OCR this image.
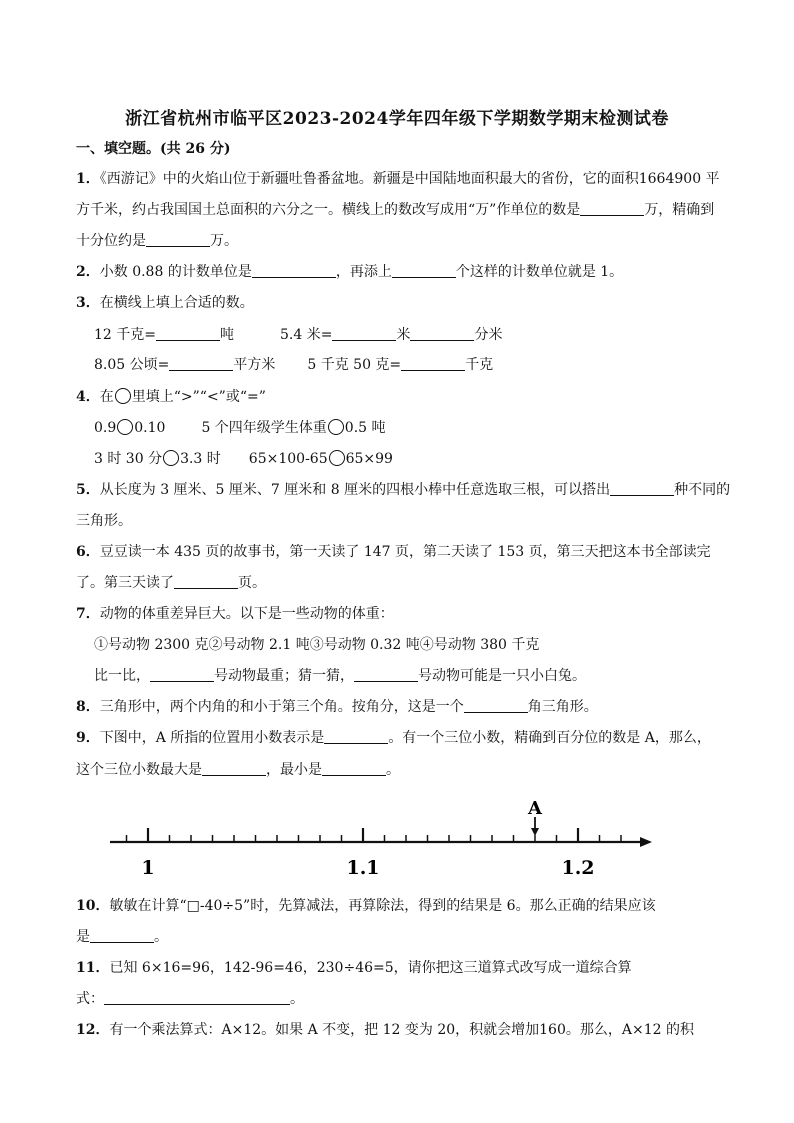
浙江省杭州市临平区2023-2024学年四年级下学期数学期末检测试卷
一、填空题。(共 26 分)
1．《西游记》中的火焰山位于新疆吐鲁番盆地。新疆是中国陆地面积最大的省份，它的面积1664900 平
方千米，约占我国国土总面积的六分之一。横线上的数改写成用“万”作单位的数是	万，精确到
十分位约是	万。
2．小数 0.88 的计数单位是	，再添上	个这样的计数单位就是 1。
3．在横线上填上合适的数。
12 千克=	吨	5.4 米=	米	分米
8.05 公顷=	平方米 5 千克 50 克=	千克
4．在 里填上“>”“<”或“=”
0.9 0.10	5 个四年级学生体重 0.5 吨
3 时 30 分 3.3 时 65×100-65 65×99
5．从长度为 3 厘米、5 厘米、7 厘米和 8 厘米的四根小棒中任意选取三根，可以搭出	种不同的
三角形。
6．豆豆读一本 435 页的故事书，第一天读了 147 页，第二天读了 153 页，第三天把这本书全部读完
了。第三天读了	页。
7．动物的体重差异巨大。以下是一些动物的体重：
①号动物 2300 克②号动物 2.1 吨③号动物 0.32 吨④号动物 380 千克
比一比，	号动物最重；猜一猜，	号动物可能是一只小白兔。
8．三角形中，两个内角的和小于第三个角。按角分，这是一个	角三角形。
9．下图中，A 所指的位置用小数表示是	。有一个三位小数，精确到百分位的数是 A，那么，
这个三位小数最大是	，最小是	。
1	1.1	1.2
A
10．敏敏在计算“□-40÷5”时，先算减法，再算除法，得到的结果是 6。那么正确的结果应该
是	。
11．已知 6×16=96，142-96=46，230÷46=5，请你把这三道算式改写成一道综合算
式：	。
12．有一个乘法算式：A×12。如果 A 不变，把 12 变为 20，积就会增加160。那么，A×12 的积
